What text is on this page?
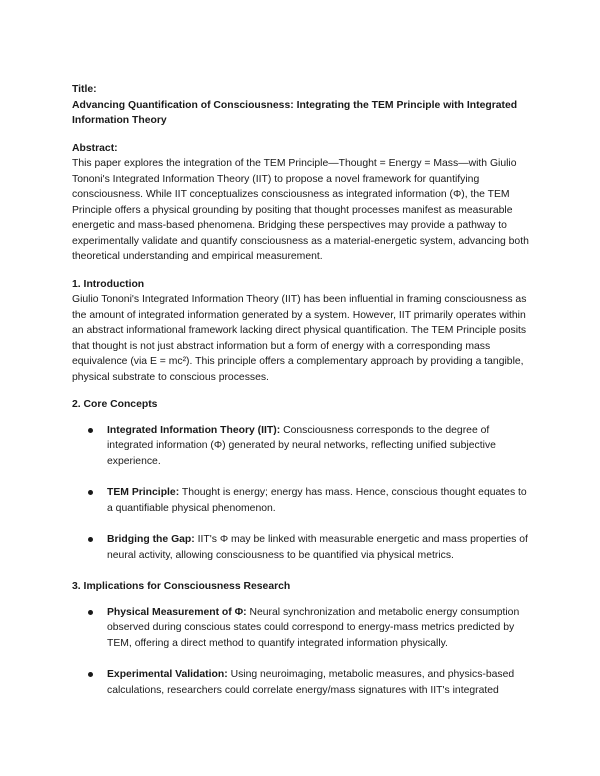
Title:

Advancing Quantification of Consciousness: Integrating the TEM Principle with Integrated Information Theory

Abstract:

This paper explores the integration of the TEM Principle—Thought = Energy = Mass—with Giulio Tononi's Integrated Information Theory (IIT) to propose a novel framework for quantifying consciousness. While IIT conceptualizes consciousness as integrated information (Φ), the TEM Principle offers a physical grounding by positing that thought processes manifest as measurable energetic and mass-based phenomena. Bridging these perspectives may provide a pathway to experimentally validate and quantify consciousness as a material-energetic system, advancing both theoretical understanding and empirical measurement.

1. Introduction

Giulio Tononi's Integrated Information Theory (IIT) has been influential in framing consciousness as the amount of integrated information generated by a system. However, IIT primarily operates within an abstract informational framework lacking direct physical quantification. The TEM Principle posits that thought is not just abstract information but a form of energy with a corresponding mass equivalence (via E = mc²). This principle offers a complementary approach by providing a tangible, physical substrate to conscious processes.

2. Core Concepts

Integrated Information Theory (IIT): Consciousness corresponds to the degree of integrated information (Φ) generated by neural networks, reflecting unified subjective experience.
TEM Principle: Thought is energy; energy has mass. Hence, conscious thought equates to a quantifiable physical phenomenon.
Bridging the Gap: IIT's Φ may be linked with measurable energetic and mass properties of neural activity, allowing consciousness to be quantified via physical metrics.

3. Implications for Consciousness Research

Physical Measurement of Φ: Neural synchronization and metabolic energy consumption observed during conscious states could correspond to energy-mass metrics predicted by TEM, offering a direct method to quantify integrated information physically.
Experimental Validation: Using neuroimaging, metabolic measures, and physics-based calculations, researchers could correlate energy/mass signatures with IIT's integrated
